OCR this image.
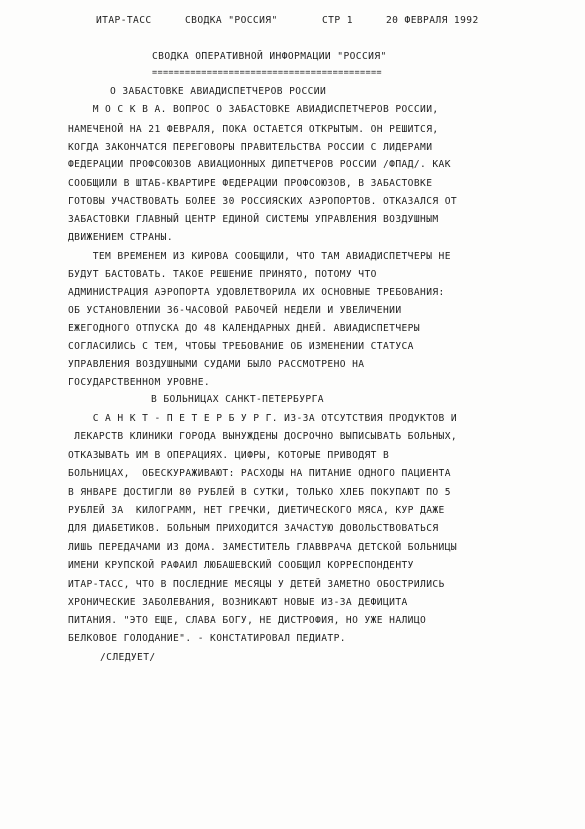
ИТАР-ТАСС	СВОДКА "РОССИЯ"	СТР 1	20 ФЕВРАЛЯ 1992
СВОДКА ОПЕРАТИВНОЙ ИНФОРМАЦИИ "РОССИЯ"
==========================================
О ЗАБАСТОВКЕ АВИАДИСПЕТЧЕРОВ РОССИИ
М О С К В А. ВОПРОС О ЗАБАСТОВКЕ АВИАДИСПЕТЧЕРОВ РОССИИ,
НАМЕЧЕНОЙ НА 21 ФЕВРАЛЯ, ПОКА ОСТАЕТСЯ ОТКРЫТЫМ. ОН РЕШИТСЯ,
КОГДА ЗАКОНЧАТСЯ ПЕРЕГОВОРЫ ПРАВИТЕЛЬСТВА РОССИИ С ЛИДЕРАМИ
ФЕДЕРАЦИИ ПРОФСОЮЗОВ АВИАЦИОННЫХ ДИПЕТЧЕРОВ РОССИИ /ФПАД/. КАК
СООБЩИЛИ В ШТАБ-КВАРТИРЕ ФЕДЕРАЦИИ ПРОФСОЮЗОВ, В ЗАБАСТОВКЕ
ГОТОВЫ УЧАСТВОВАТЬ БОЛЕЕ 30 РОССИЯСКИХ АЭРОПОРТОВ. ОТКАЗАЛСЯ ОТ
ЗАБАСТОВКИ ГЛАВНЫЙ ЦЕНТР ЕДИНОЙ СИСТЕМЫ УПРАВЛЕНИЯ ВОЗДУШНЫМ
ДВИЖЕНИЕМ СТРАНЫ.
ТЕМ ВРЕМЕНЕМ ИЗ КИРОВА СООБЩИЛИ, ЧТО ТАМ АВИАДИСПЕТЧЕРЫ НЕ
БУДУТ БАСТОВАТЬ. ТАКОЕ РЕШЕНИЕ ПРИНЯТО, ПОТОМУ ЧТО
АДМИНИСТРАЦИЯ АЭРОПОРТА УДОВЛЕТВОРИЛА ИХ ОСНОВНЫЕ ТРЕБОВАНИЯ:
ОБ УСТАНОВЛЕНИИ 36-ЧАСОВОЙ РАБОЧЕЙ НЕДЕЛИ И УВЕЛИЧЕНИИ
ЕЖЕГОДНОГО ОТПУСКА ДО 48 КАЛЕНДАРНЫХ ДНЕЙ. АВИАДИСПЕТЧЕРЫ
СОГЛАСИЛИСЬ С ТЕМ, ЧТОБЫ ТРЕБОВАНИЕ ОБ ИЗМЕНЕНИИ СТАТУСА
УПРАВЛЕНИЯ ВОЗДУШНЫМИ СУДАМИ БЫЛО РАССМОТРЕНО НА
ГОСУДАРСТВЕННОМ УРОВНЕ.
В БОЛЬНИЦАХ САНКТ-ПЕТЕРБУРГА
С А Н К Т - П Е Т Е Р Б У Р Г. ИЗ-ЗА ОТСУТСТВИЯ ПРОДУКТОВ И
ЛЕКАРСТВ КЛИНИКИ ГОРОДА ВЫНУЖДЕНЫ ДОСРОЧНО ВЫПИСЫВАТЬ БОЛЬНЫХ,
ОТКАЗЫВАТЬ ИМ В ОПЕРАЦИЯХ. ЦИФРЫ, КОТОРЫЕ ПРИВОДЯТ В
БОЛЬНИЦАХ,  ОБЕСКУРАЖИВАЮТ: РАСХОДЫ НА ПИТАНИЕ ОДНОГО ПАЦИЕНТА
В ЯНВАРЕ ДОСТИГЛИ 80 РУБЛЕЙ В СУТКИ, ТОЛЬКО ХЛЕБ ПОКУПАЮТ ПО 5
РУБЛЕЙ ЗА  КИЛОГРАММ, НЕТ ГРЕЧКИ, ДИЕТИЧЕСКОГО МЯСА, КУР ДАЖЕ
ДЛЯ ДИАБЕТИКОВ. БОЛЬНЫМ ПРИХОДИТСЯ ЗАЧАСТУЮ ДОВОЛЬСТВОВАТЬСЯ
ЛИШЬ ПЕРЕДАЧАМИ ИЗ ДОМА. ЗАМЕСТИТЕЛЬ ГЛАВВРАЧА ДЕТСКОЙ БОЛЬНИЦЫ
ИМЕНИ КРУПСКОЙ РАФАИЛ ЛЮБАШЕВСКИЙ СООБЩИЛ КОРРЕСПОНДЕНТУ
ИТАР-ТАСС, ЧТО В ПОСЛЕДНИЕ МЕСЯЦЫ У ДЕТЕЙ ЗАМЕТНО ОБОСТРИЛИСЬ
ХРОНИЧЕСКИЕ ЗАБОЛЕВАНИЯ, ВОЗНИКАЮТ НОВЫЕ ИЗ-ЗА ДЕФИЦИТА
ПИТАНИЯ. "ЭТО ЕЩЕ, СЛАВА БОГУ, НЕ ДИСТРОФИЯ, НО УЖЕ НАЛИЦО
БЕЛКОВОЕ ГОЛОДАНИЕ". - КОНСТАТИРОВАЛ ПЕДИАТР.
/СЛЕДУЕТ/
